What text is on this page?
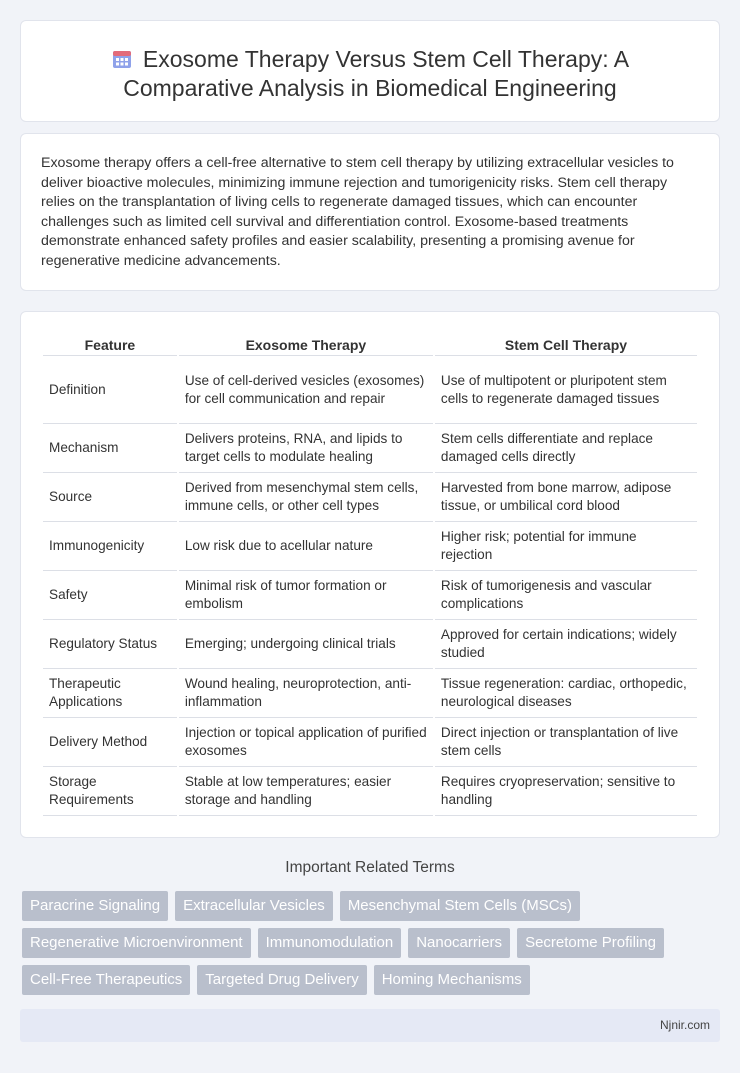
Exosome Therapy Versus Stem Cell Therapy: A Comparative Analysis in Biomedical Engineering

Exosome therapy offers a cell-free alternative to stem cell therapy by utilizing extracellular vesicles to deliver bioactive molecules, minimizing immune rejection and tumorigenicity risks. Stem cell therapy relies on the transplantation of living cells to regenerate damaged tissues, which can encounter challenges such as limited cell survival and differentiation control. Exosome-based treatments demonstrate enhanced safety profiles and easier scalability, presenting a promising avenue for regenerative medicine advancements.

Feature	Exosome Therapy	Stem Cell Therapy
Definition	Use of cell-derived vesicles (exosomes) for cell communication and repair	Use of multipotent or pluripotent stem cells to regenerate damaged tissues
Mechanism	Delivers proteins, RNA, and lipids to target cells to modulate healing	Stem cells differentiate and replace damaged cells directly
Source	Derived from mesenchymal stem cells, immune cells, or other cell types	Harvested from bone marrow, adipose tissue, or umbilical cord blood
Immunogenicity	Low risk due to acellular nature	Higher risk; potential for immune rejection
Safety	Minimal risk of tumor formation or embolism	Risk of tumorigenesis and vascular complications
Regulatory Status	Emerging; undergoing clinical trials	Approved for certain indications; widely studied
Therapeutic Applications	Wound healing, neuroprotection, anti-inflammation	Tissue regeneration: cardiac, orthopedic, neurological diseases
Delivery Method	Injection or topical application of purified exosomes	Direct injection or transplantation of live stem cells
Storage Requirements	Stable at low temperatures; easier storage and handling	Requires cryopreservation; sensitive to handling
Important Related Terms
Paracrine Signaling	Extracellular Vesicles	Mesenchymal Stem Cells (MSCs)
Regenerative Microenvironment	Immunomodulation	Nanocarriers	Secretome Profiling
Cell-Free Therapeutics	Targeted Drug Delivery	Homing Mechanisms
Njnir.com
